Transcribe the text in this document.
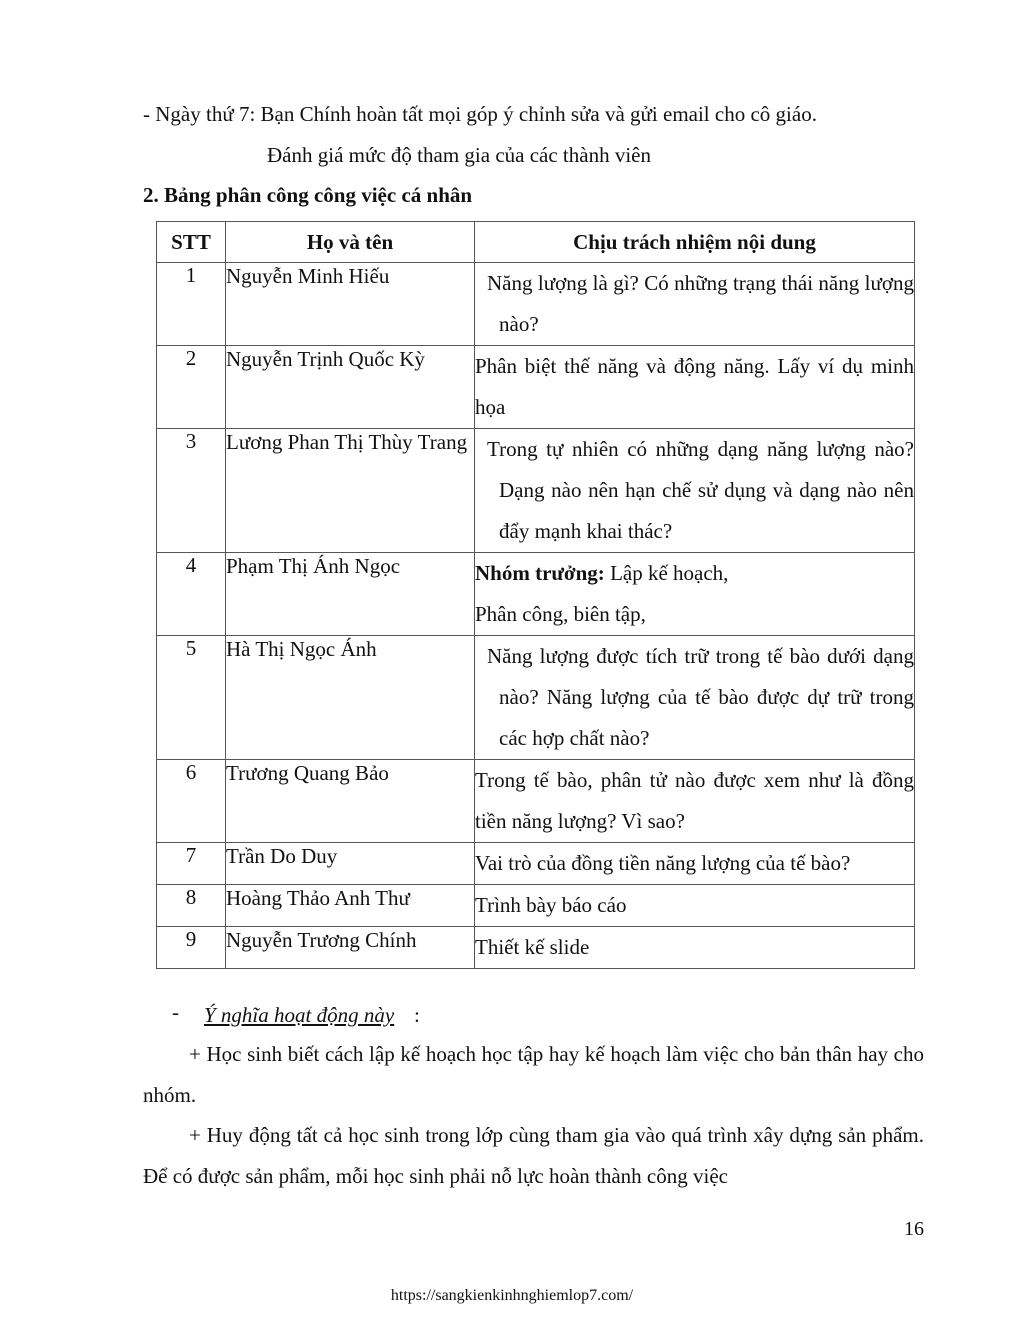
- Ngày thứ 7: Bạn Chính hoàn tất mọi góp ý chỉnh sửa và gửi email cho cô giáo.
Đánh giá mức độ tham gia của các thành viên
2. Bảng phân công công việc cá nhân
STT	Họ và tên	Chịu trách nhiệm nội dung
1	Nguyễn Minh Hiếu	Năng lượng là gì? Có những trạng thái năng lượng nào?

2	Nguyễn Trịnh Quốc Kỳ	Phân biệt thế năng và động năng. Lấy ví dụ minh họa

3	Lương Phan Thị Thùy Trang	Trong tự nhiên có những dạng năng lượng nào? Dạng nào nên hạn chế sử dụng và dạng nào nên đẩy mạnh khai thác?

4	Phạm Thị Ánh Ngọc	Nhóm trưởng: Lập kế hoạch,
Phân công, biên tập,

5	Hà Thị Ngọc Ánh	Năng lượng được tích trữ trong tế bào dưới dạng nào? Năng lượng của tế bào được dự trữ trong các hợp chất nào?

6	Trương Quang Bảo	Trong tế bào, phân tử nào được xem như là đồng tiền năng lượng? Vì sao?

7	Trần Do Duy	Vai trò của đồng tiền năng lượng của tế bào?

8	Hoàng Thảo Anh Thư	Trình bày báo cáo

9	Nguyễn Trương Chính	Thiết kế slide
- Ý nghĩa hoạt động này :
+ Học sinh biết cách lập kế hoạch học tập hay kế hoạch làm việc cho bản thân hay cho nhóm.
+ Huy động tất cả học sinh trong lớp cùng tham gia vào quá trình xây dựng sản phẩm. Để có được sản phẩm, mỗi học sinh phải nỗ lực hoàn thành công việc
16
https://sangkienkinhnghiemlop7.com/
